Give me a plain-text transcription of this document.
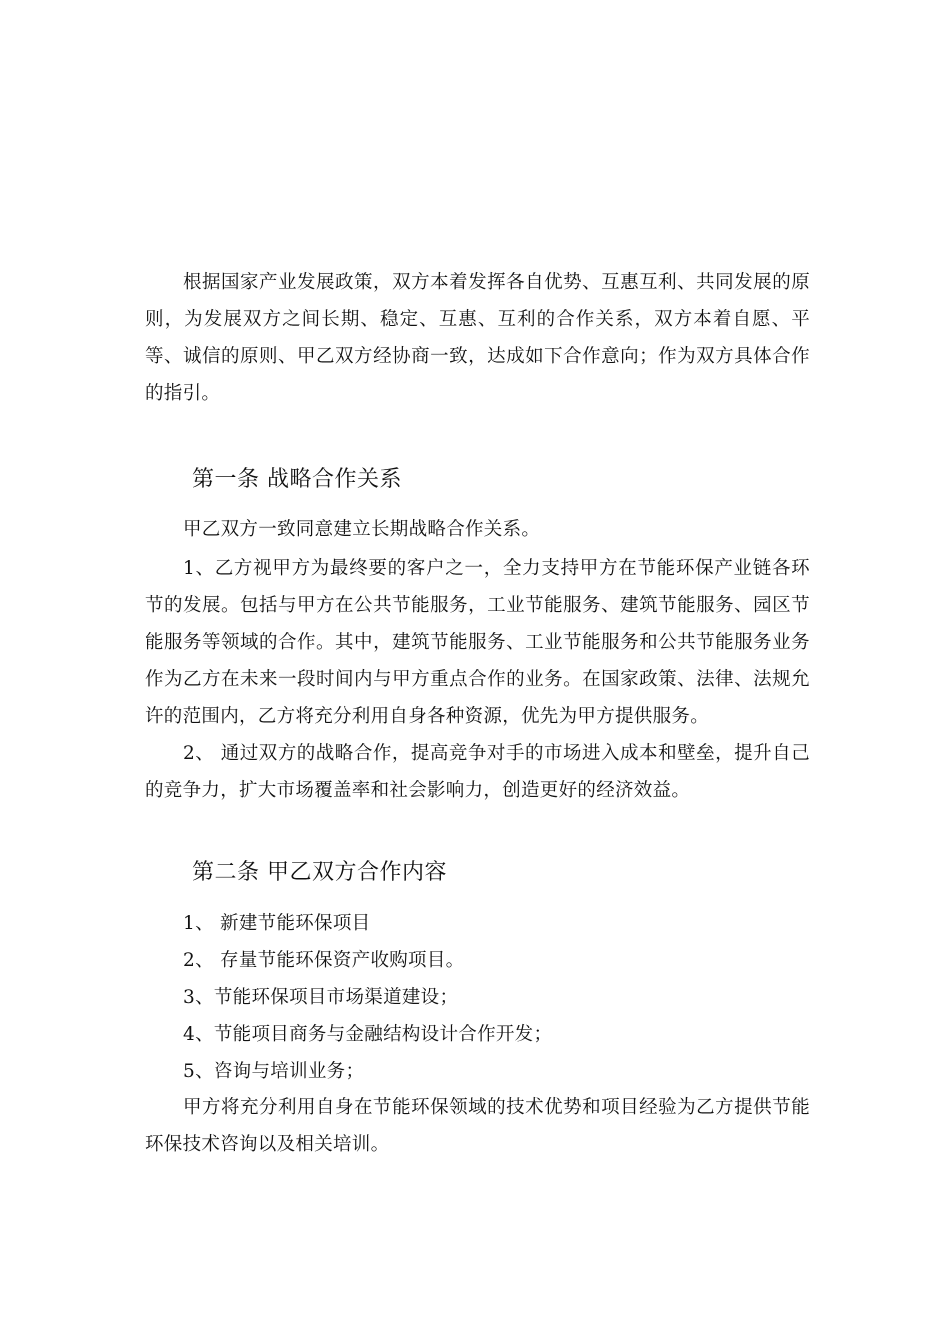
根据国家产业发展政策，双方本着发挥各自优势、互惠互利、共同发展的原则，为发展双方之间长期、稳定、互惠、互利的合作关系，双方本着自愿、平等、诚信的原则、甲乙双方经协商一致，达成如下合作意向；作为双方具体合作的指引。

第一条 战略合作关系

甲乙双方一致同意建立长期战略合作关系。

1、乙方视甲方为最终要的客户之一，全力支持甲方在节能环保产业链各环节的发展。包括与甲方在公共节能服务，工业节能服务、建筑节能服务、园区节能服务等领域的合作。其中，建筑节能服务、工业节能服务和公共节能服务业务作为乙方在未来一段时间内与甲方重点合作的业务。在国家政策、法律、法规允许的范围内，乙方将充分利用自身各种资源，优先为甲方提供服务。

2、 通过双方的战略合作，提高竞争对手的市场进入成本和壁垒，提升自己的竞争力，扩大市场覆盖率和社会影响力，创造更好的经济效益。

第二条 甲乙双方合作内容

1、 新建节能环保项目

2、 存量节能环保资产收购项目。

3、节能环保项目市场渠道建设；

4、节能项目商务与金融结构设计合作开发；

5、咨询与培训业务；

甲方将充分利用自身在节能环保领域的技术优势和项目经验为乙方提供节能环保技术咨询以及相关培训。
